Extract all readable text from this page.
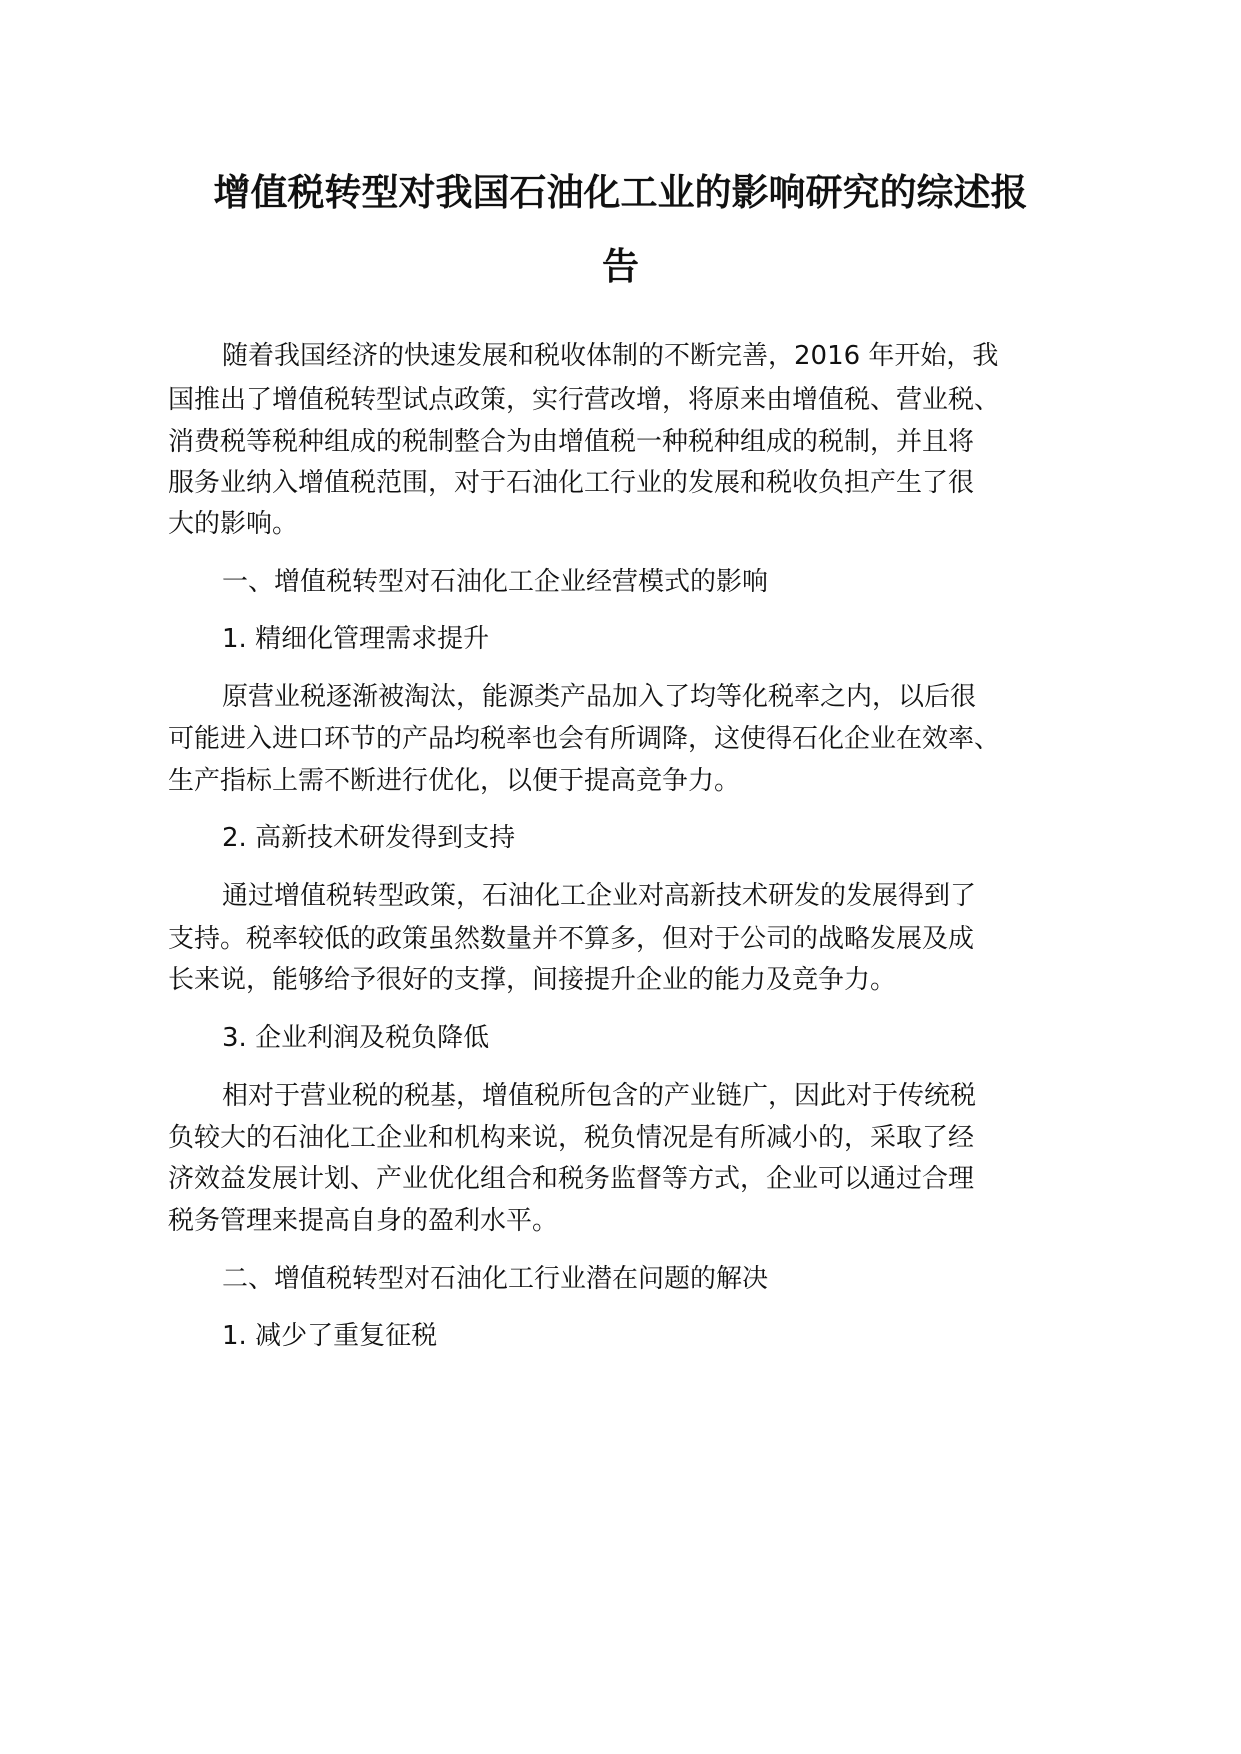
增值税转型对我国石油化工业的影响研究的综述报
告
随着我国经济的快速发展和税收体制的不断完善，2016 年开始，我
国推出了增值税转型试点政策，实行营改增，将原来由增值税、营业税、
消费税等税种组成的税制整合为由增值税一种税种组成的税制，并且将
服务业纳入增值税范围，对于石油化工行业的发展和税收负担产生了很
大的影响。
一、增值税转型对石油化工企业经营模式的影响
1. 精细化管理需求提升
原营业税逐渐被淘汰，能源类产品加入了均等化税率之内，以后很
可能进入进口环节的产品均税率也会有所调降，这使得石化企业在效率、
生产指标上需不断进行优化，以便于提高竞争力。
2. 高新技术研发得到支持
通过增值税转型政策，石油化工企业对高新技术研发的发展得到了
支持。税率较低的政策虽然数量并不算多，但对于公司的战略发展及成
长来说，能够给予很好的支撑，间接提升企业的能力及竞争力。
3. 企业利润及税负降低
相对于营业税的税基，增值税所包含的产业链广，因此对于传统税
负较大的石油化工企业和机构来说，税负情况是有所减小的，采取了经
济效益发展计划、产业优化组合和税务监督等方式，企业可以通过合理
税务管理来提高自身的盈利水平。
二、增值税转型对石油化工行业潜在问题的解决
1. 减少了重复征税
